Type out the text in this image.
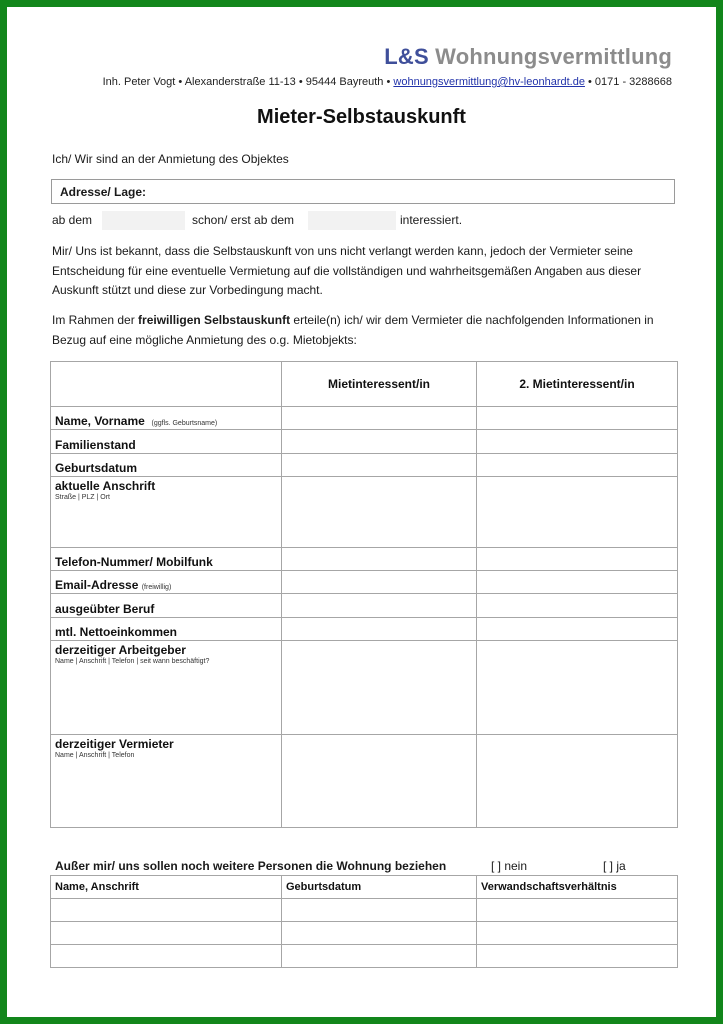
L&S Wohnungsvermittlung
Inh. Peter Vogt • Alexanderstraße 11-13 • 95444 Bayreuth • wohnungsvermittlung@hv-leonhardt.de • 0171 - 3288668
Mieter-Selbstauskunft
Ich/ Wir sind an der Anmietung des Objektes
Adresse/ Lage:
ab dem	schon/ erst ab dem	interessiert.
Mir/ Uns ist bekannt, dass die Selbstauskunft von uns nicht verlangt werden kann, jedoch der Vermieter seine Entscheidung für eine eventuelle Vermietung auf die vollständigen und wahrheitsgemäßen Angaben aus dieser Auskunft stützt und diese zur Vorbedingung macht.
Im Rahmen der freiwilligen Selbstauskunft erteile(n) ich/ wir dem Vermieter die nachfolgenden Informationen in Bezug auf eine mögliche Anmietung des o.g. Mietobjekts:
	Mietinteressent/in	2. Mietinteressent/in
Name, Vorname (ggfls. Geburtsname)		
Familienstand		
Geburtsdatum		
aktuelle Anschrift
Straße | PLZ | Ort		

Telefon-Nummer/ Mobilfunk		
Email-Adresse (freiwillig)		
ausgeübter Beruf		
mtl. Nettoeinkommen		
derzeitiger Arbeitgeber
Name | Anschrift | Telefon | seit wann beschäftigt?		

derzeitiger Vermieter
Name | Anschrift | Telefon		

Außer mir/ uns sollen noch weitere Personen die Wohnung beziehen	[ ] nein	[ ] ja
Name, Anschrift	Geburtsdatum	Verwandschaftsverhältnis
